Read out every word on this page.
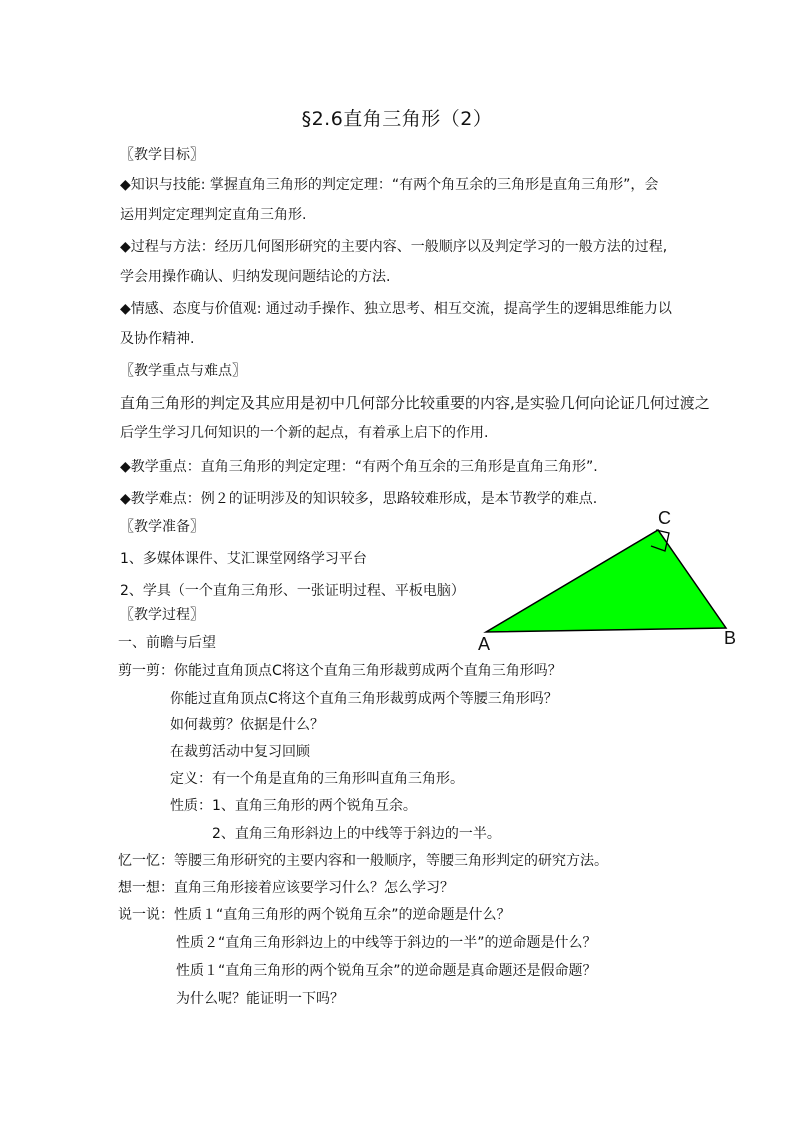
§2.6直角三角形（2）
〖教学目标〗
◆知识与技能: 掌握直角三角形的判定定理：“有两个角互余的三角形是直角三角形”，会
运用判定定理判定直角三角形.
◆过程与方法：经历几何图形研究的主要内容、一般顺序以及判定学习的一般方法的过程,
学会用操作确认、归纳发现问题结论的方法.
◆情感、态度与价值观: 通过动手操作、独立思考、相互交流，提高学生的逻辑思维能力以
及协作精神.
〖教学重点与难点〗
直角三角形的判定及其应用是初中几何部分比较重要的内容,是实验几何向论证几何过渡之
后学生学习几何知识的一个新的起点，有着承上启下的作用.
◆教学重点：直角三角形的判定定理：“有两个角互余的三角形是直角三角形”.
◆教学难点：例２的证明涉及的知识较多，思路较难形成，是本节教学的难点.
〖教学准备〗
1、多媒体课件、艾汇课堂网络学习平台
2、学具（一个直角三角形、一张证明过程、平板电脑）
〖教学过程〗
一、前瞻与后望
剪一剪：你能过直角顶点C将这个直角三角形裁剪成两个直角三角形吗？
你能过直角顶点C将这个直角三角形裁剪成两个等腰三角形吗？
如何裁剪？依据是什么？
在裁剪活动中复习回顾
定义：有一个角是直角的三角形叫直角三角形。
性质：1、直角三角形的两个锐角互余。
2、直角三角形斜边上的中线等于斜边的一半。
忆一忆：等腰三角形研究的主要内容和一般顺序，等腰三角形判定的研究方法。
想一想：直角三角形接着应该要学习什么？怎么学习？
说一说：性质１“直角三角形的两个锐角互余”的逆命题是什么？
性质２“直角三角形斜边上的中线等于斜边的一半”的逆命题是什么？
性质１“直角三角形的两个锐角互余”的逆命题是真命题还是假命题？
为什么呢？能证明一下吗？
C
A	B
